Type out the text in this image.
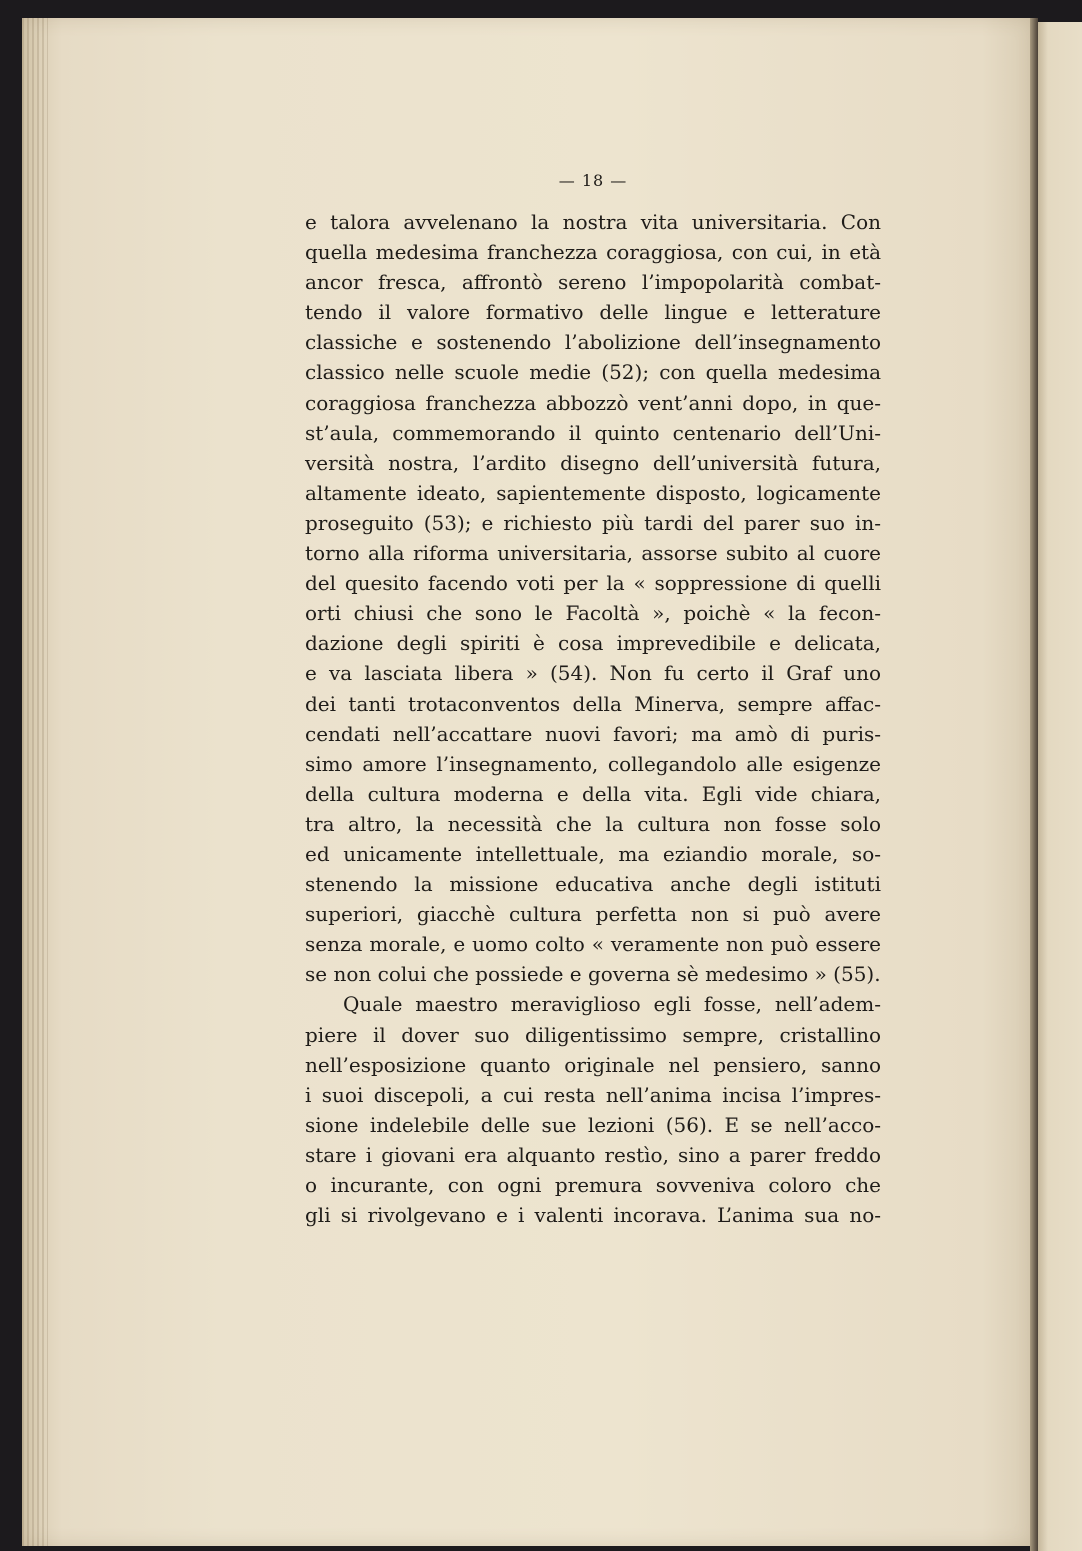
— 18 —
e talora avvelenano la nostra vita universitaria. Con
quella medesima franchezza coraggiosa, con cui, in età
ancor fresca, affrontò sereno l’impopolarità combat-
tendo il valore formativo delle lingue e letterature
classiche e sostenendo l’abolizione dell’insegnamento
classico nelle scuole medie (52); con quella medesima
coraggiosa franchezza abbozzò vent’anni dopo, in que-
st’aula, commemorando il quinto centenario dell’Uni-
versità nostra, l’ardito disegno dell’università futura,
altamente ideato, sapientemente disposto, logicamente
proseguito (53); e richiesto più tardi del parer suo in-
torno alla riforma universitaria, assorse subito al cuore
del quesito facendo voti per la « soppressione di quelli
orti chiusi che sono le Facoltà », poichè « la fecon-
dazione degli spiriti è cosa imprevedibile e delicata,
e va lasciata libera » (54). Non fu certo il Graf uno
dei tanti trotaconventos della Minerva, sempre affac-
cendati nell’accattare nuovi favori; ma amò di puris-
simo amore l’insegnamento, collegandolo alle esigenze
della cultura moderna e della vita. Egli vide chiara,
tra altro, la necessità che la cultura non fosse solo
ed unicamente intellettuale, ma eziandio morale, so-
stenendo la missione educativa anche degli istituti
superiori, giacchè cultura perfetta non si può avere
senza morale, e uomo colto « veramente non può essere
se non colui che possiede e governa sè medesimo » (55).
Quale maestro meraviglioso egli fosse, nell’adem-
piere il dover suo diligentissimo sempre, cristallino
nell’esposizione quanto originale nel pensiero, sanno
i suoi discepoli, a cui resta nell’anima incisa l’impres-
sione indelebile delle sue lezioni (56). E se nell’acco-
stare i giovani era alquanto restìo, sino a parer freddo
o incurante, con ogni premura sovveniva coloro che
gli si rivolgevano e i valenti incorava. L’anima sua no-
